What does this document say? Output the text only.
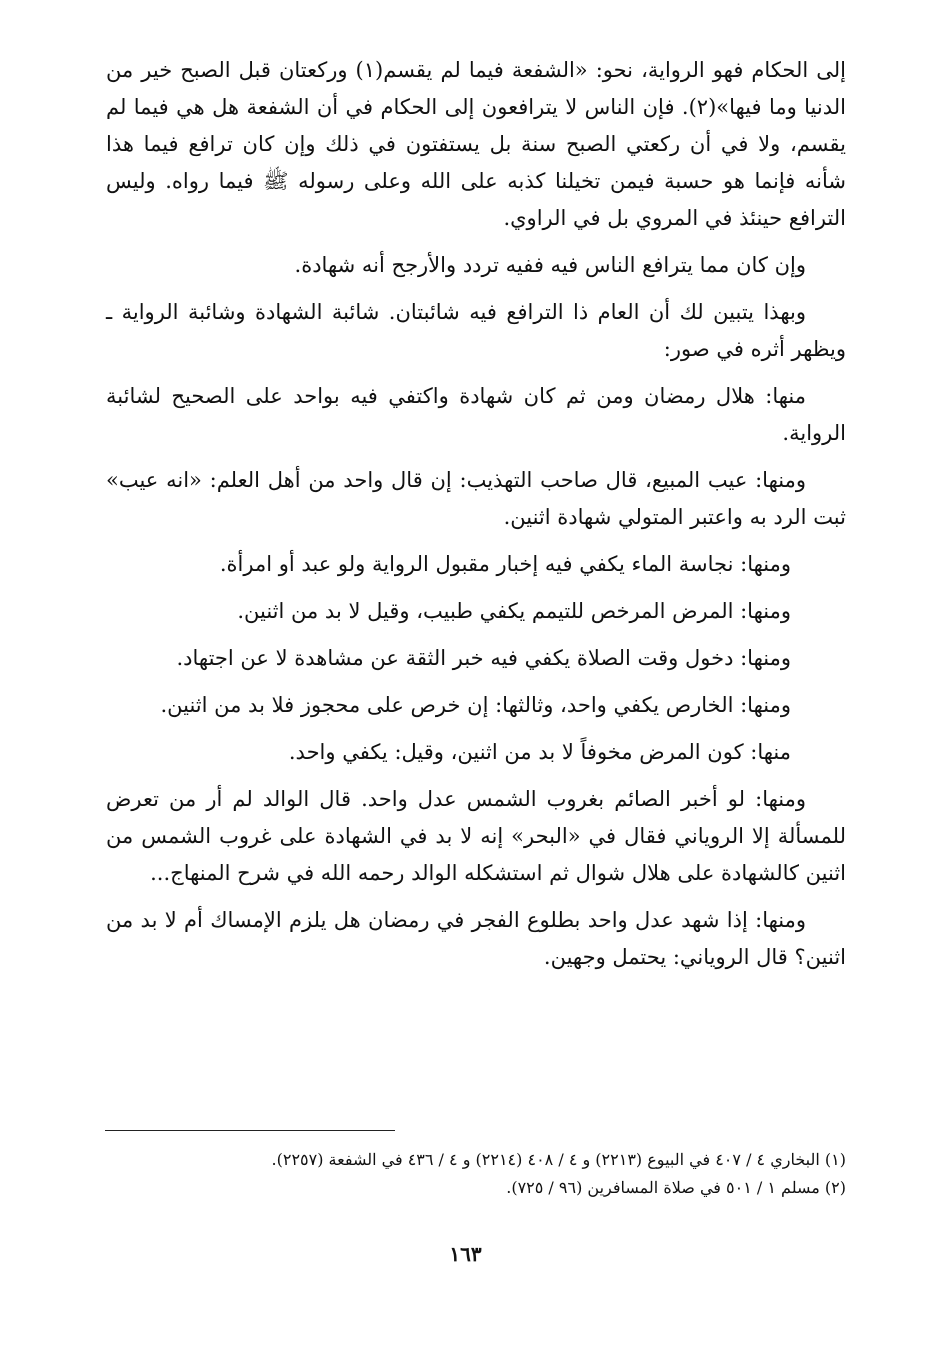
إلى الحكام فهو الرواية، نحو: «الشفعة فيما لم يقسم(١) وركعتان قبل الصبح خير من الدنيا وما فيها»(٢). فإن الناس لا يترافعون إلى الحكام في أن الشفعة هل هي فيما لم يقسم، ولا في أن ركعتي الصبح سنة بل يستفتون في ذلك وإن كان ترافع فيما هذا شأنه فإنما هو حسبة فيمن تخيلنا كذبه على الله وعلى رسوله ﷺ فيما رواه. وليس الترافع حينئذ في المروي بل في الراوي.

وإن كان مما يترافع الناس فيه ففيه تردد والأرجح أنه شهادة.

وبهذا يتبين لك أن العام ذا الترافع فيه شائبتان. شائبة الشهادة وشائبة الرواية ـ ويظهر أثره في صور:

منها: هلال رمضان ومن ثم كان شهادة واكتفي فيه بواحد على الصحيح لشائبة الرواية.

ومنها: عيب المبيع، قال صاحب التهذيب: إن قال واحد من أهل العلم: «انه عيب» ثبت الرد به واعتبر المتولي شهادة اثنين.

ومنها: نجاسة الماء يكفي فيه إخبار مقبول الرواية ولو عبد أو امرأة.

ومنها: المرض المرخص للتيمم يكفي طبيب، وقيل لا بد من اثنين.

ومنها: دخول وقت الصلاة يكفي فيه خبر الثقة عن مشاهدة لا عن اجتهاد.

ومنها: الخارص يكفي واحد، وثالثها: إن خرص على محجوز فلا بد من اثنين.

منها: كون المرض مخوفاً لا بد من اثنين، وقيل: يكفي واحد.

ومنها: لو أخبر الصائم بغروب الشمس عدل واحد. قال الوالد لم أر من تعرض للمسألة إلا الروياني فقال في «البحر» إنه لا بد في الشهادة على غروب الشمس من اثنين كالشهادة على هلال شوال ثم استشكله الوالد رحمه الله في شرح المنهاج...

ومنها: إذا شهد عدل واحد بطلوع الفجر في رمضان هل يلزم الإمساك أم لا بد من اثنين؟ قال الروياني: يحتمل وجهين.

(١) البخاري ٤ / ٤٠٧ في البيوع (٢٢١٣) و ٤ / ٤٠٨ (٢٢١٤) و ٤ / ٤٣٦ في الشفعة (٢٢٥٧).

(٢) مسلم ١ / ٥٠١ في صلاة المسافرين (٩٦ / ٧٢٥).

١٦٣
